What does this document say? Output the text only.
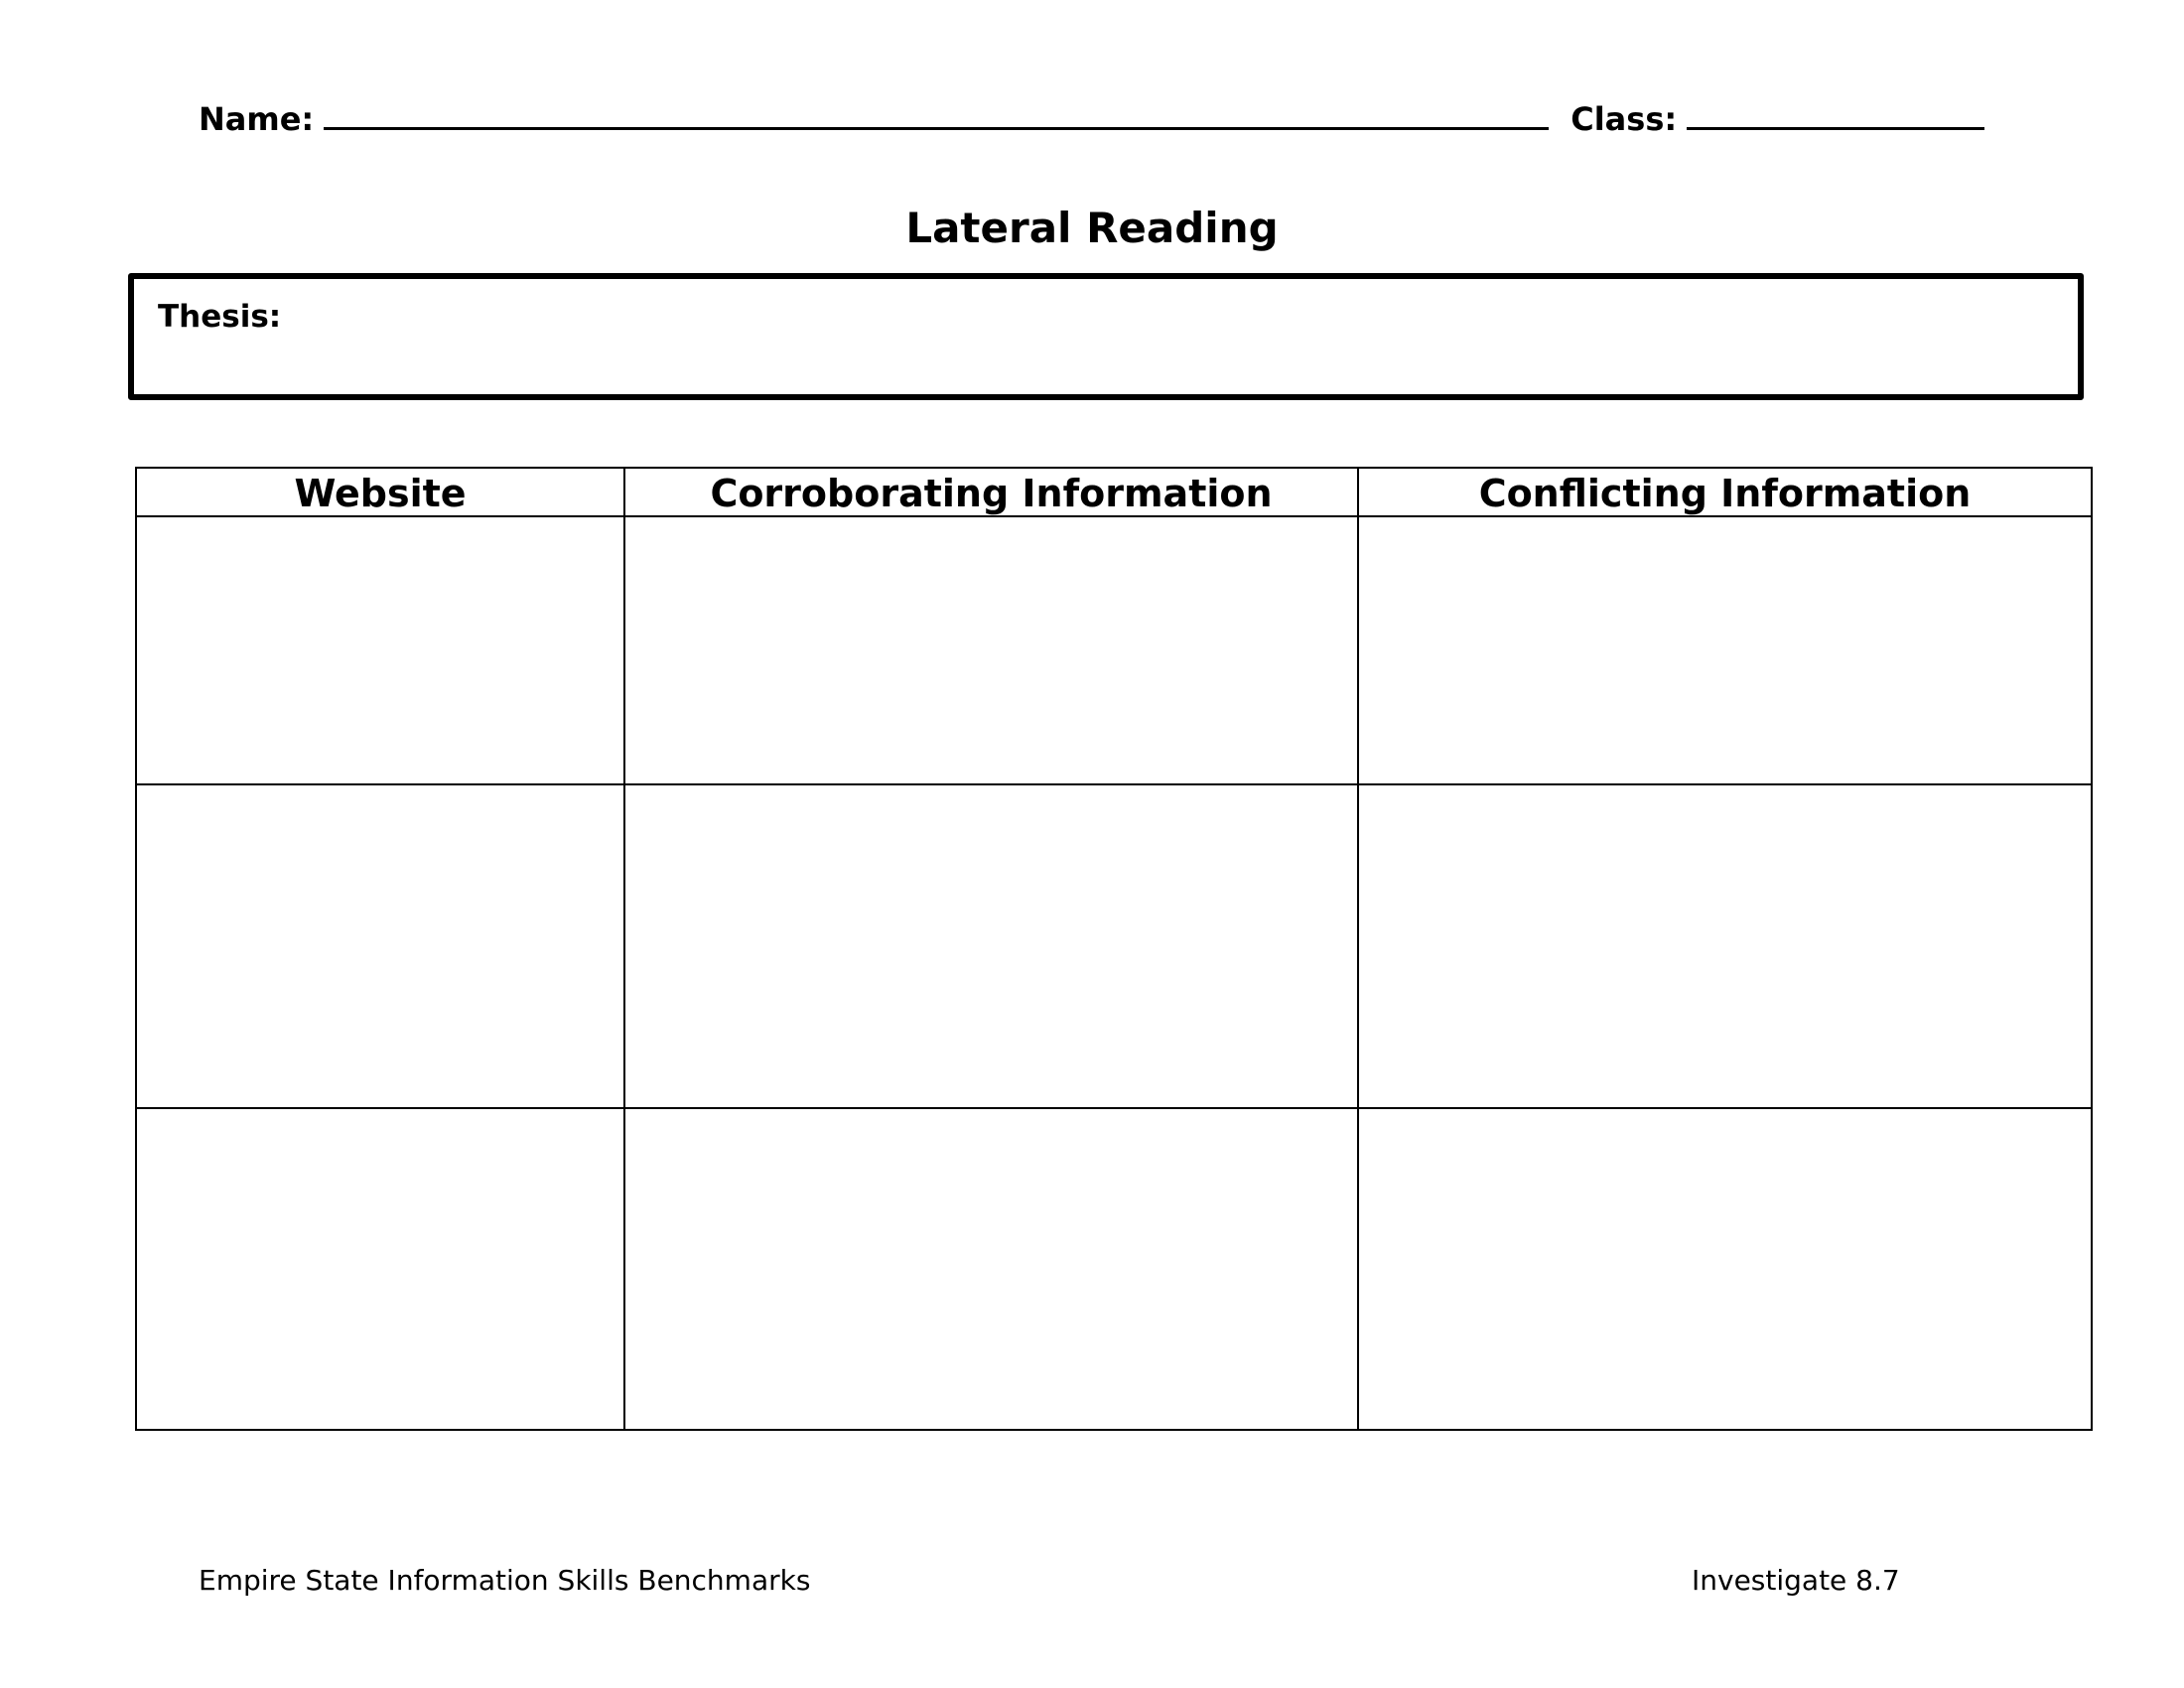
Name:	Class:
Lateral Reading
Thesis:
Website	Corroborating Information	Conflicting Information

Empire State Information Skills Benchmarks	Investigate 8.7
